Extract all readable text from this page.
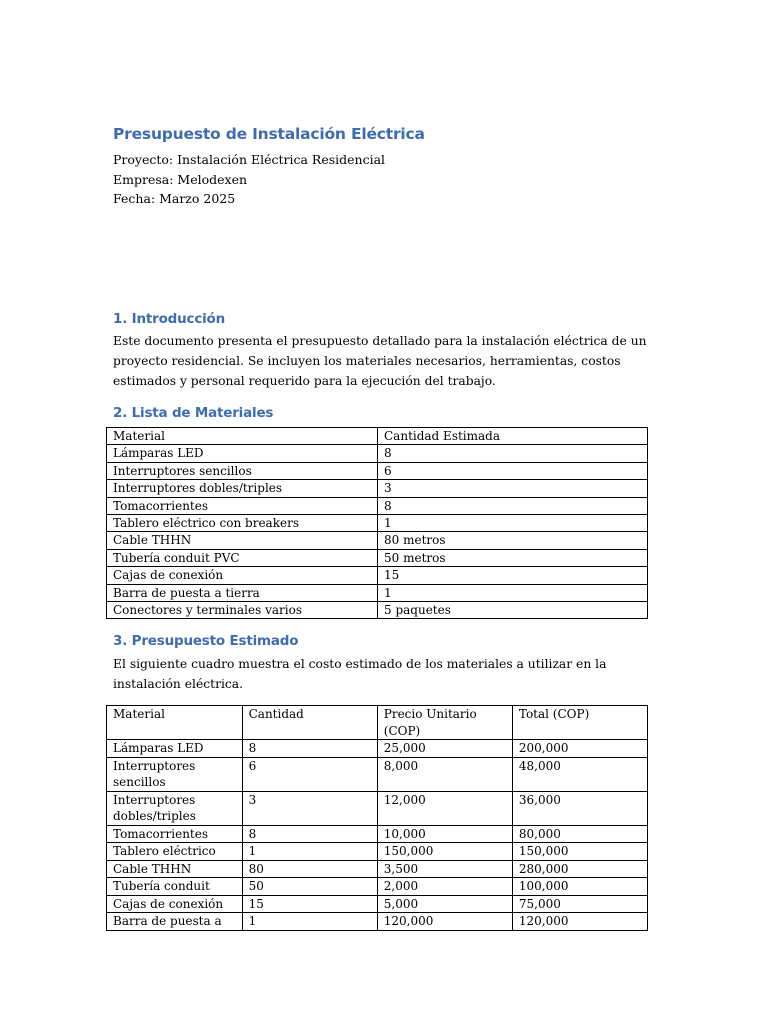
Presupuesto de Instalación Eléctrica
Proyecto: Instalación Eléctrica Residencial
Empresa: Melodexen
Fecha: Marzo 2025
1. Introducción
Este documento presenta el presupuesto detallado para la instalación eléctrica de un proyecto residencial. Se incluyen los materiales necesarios, herramientas, costos estimados y personal requerido para la ejecución del trabajo.
2. Lista de Materiales
Material	Cantidad Estimada
Lámparas LED	8
Interruptores sencillos	6
Interruptores dobles/triples	3
Tomacorrientes	8
Tablero eléctrico con breakers	1
Cable THHN	80 metros
Tubería conduit PVC	50 metros
Cajas de conexión	15
Barra de puesta a tierra	1
Conectores y terminales varios	5 paquetes
3. Presupuesto Estimado
El siguiente cuadro muestra el costo estimado de los materiales a utilizar en la instalación eléctrica.
Material	Cantidad	Precio Unitario (COP)	Total (COP)
Lámparas LED	8	25,000	200,000
Interruptores sencillos	6	8,000	48,000
Interruptores dobles/triples	3	12,000	36,000
Tomacorrientes	8	10,000	80,000
Tablero eléctrico	1	150,000	150,000
Cable THHN	80	3,500	280,000
Tubería conduit	50	2,000	100,000
Cajas de conexión	15	5,000	75,000
Barra de puesta a	1	120,000	120,000
